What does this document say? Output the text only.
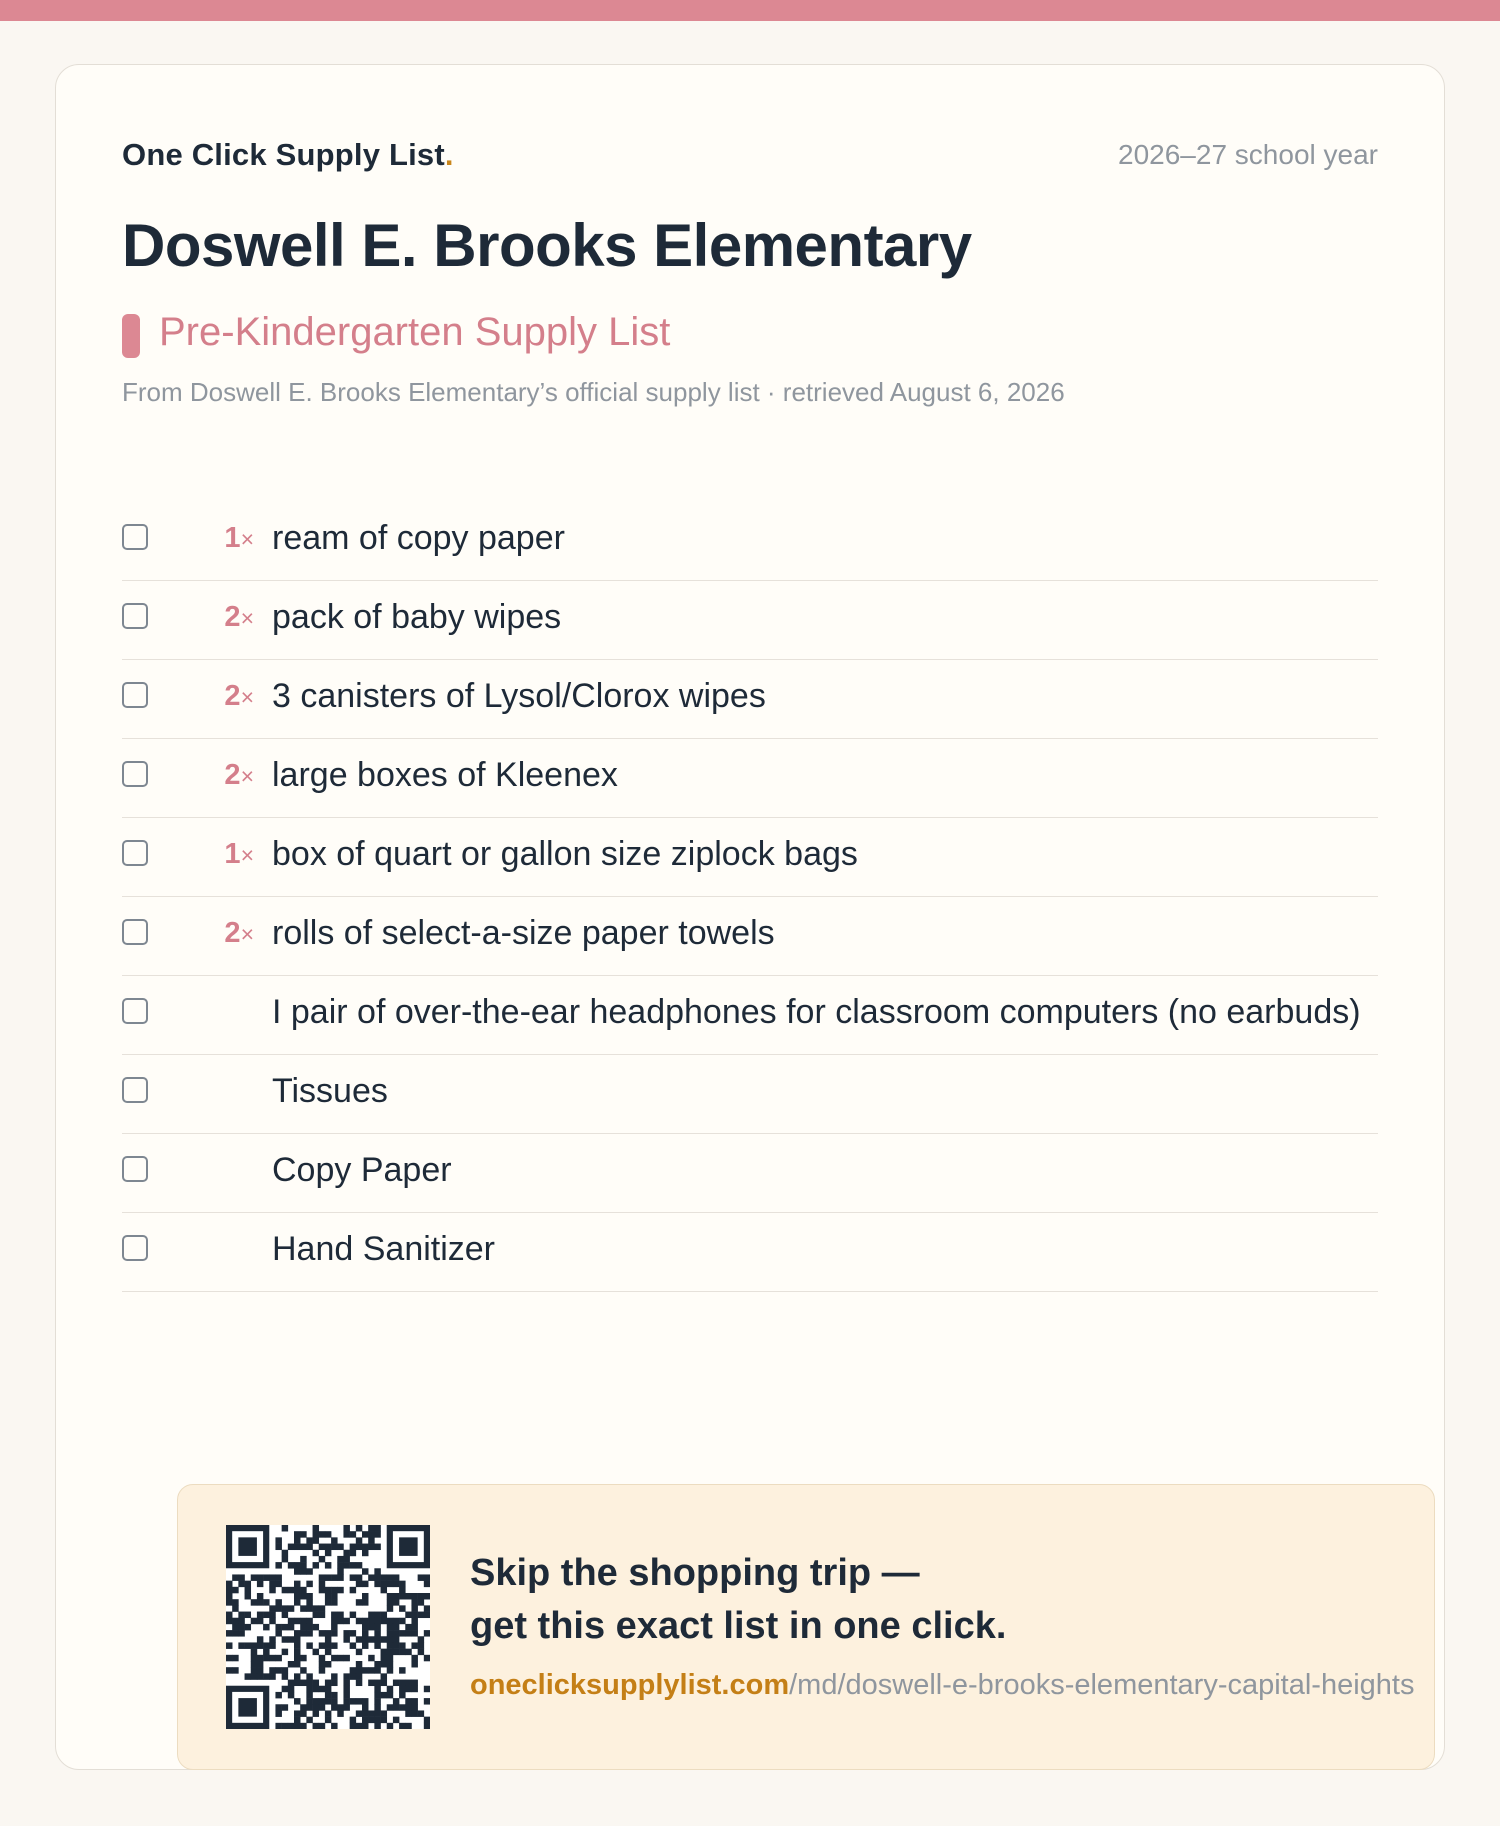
One Click Supply List.	2026–27 school year
Doswell E. Brooks Elementary
Pre-Kindergarten Supply List
From Doswell E. Brooks Elementary’s official supply list · retrieved August 6, 2026
1× ream of copy paper
2× pack of baby wipes
2× 3 canisters of Lysol/Clorox wipes
2× large boxes of Kleenex
1× box of quart or gallon size ziplock bags
2× rolls of select-a-size paper towels
I pair of over-the-ear headphones for classroom computers (no earbuds)
Tissues
Copy Paper
Hand Sanitizer
Skip the shopping trip —
get this exact list in one click.
oneclicksupplylist.com/md/doswell-e-brooks-elementary-capital-heights
